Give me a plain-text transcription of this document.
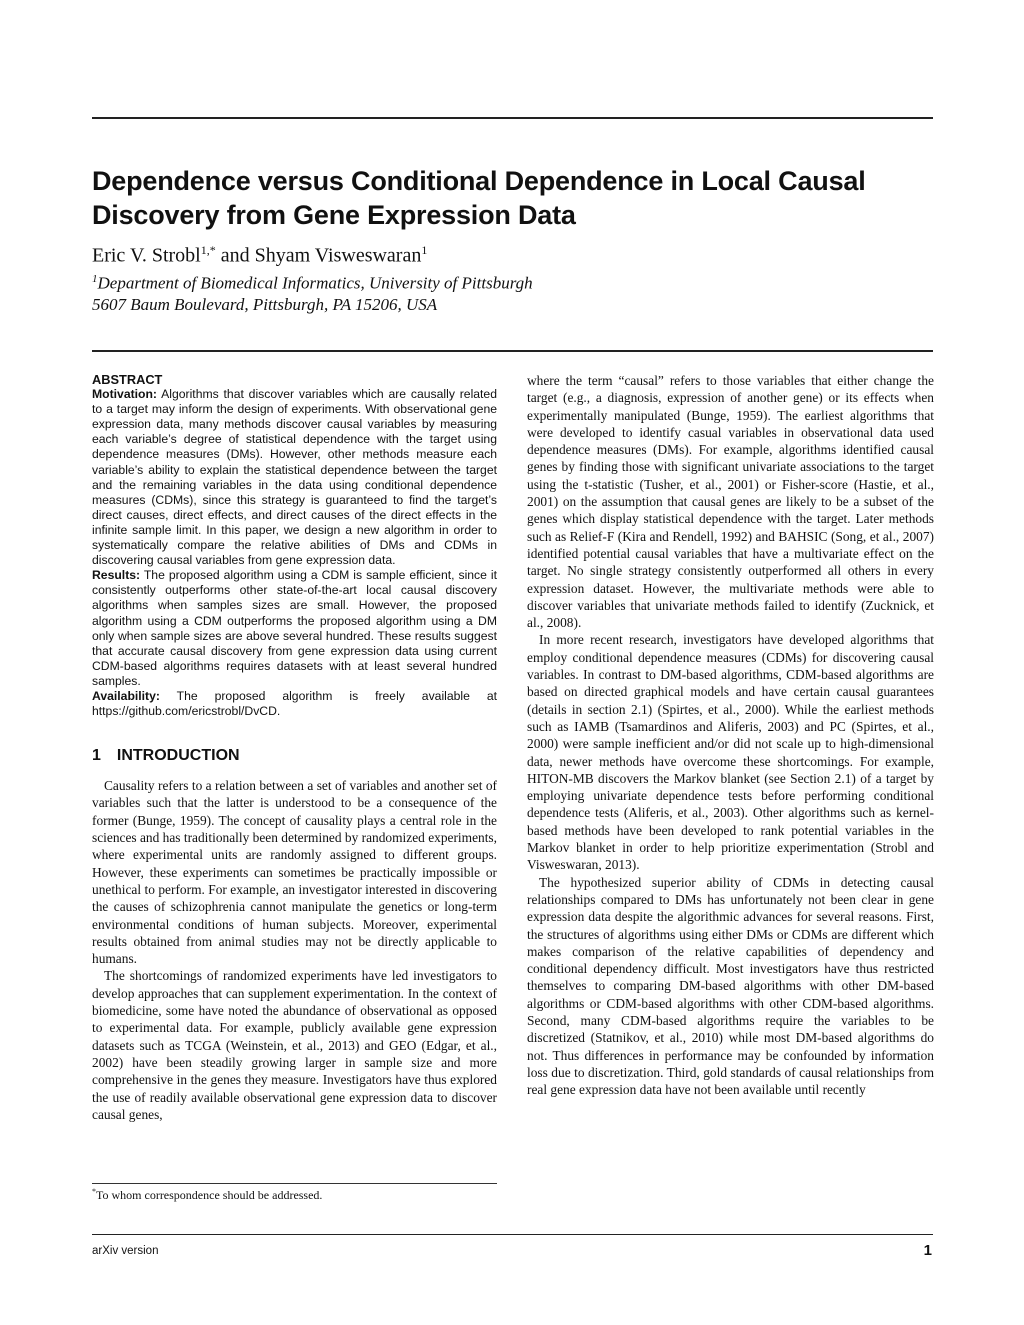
Dependence versus Conditional Dependence in Local Causal Discovery from Gene Expression Data
Eric V. Strobl$^{1,*}$ and Shyam Visweswaran$^1$
$^1$Department of Biomedical Informatics, University of Pittsburgh
5607 Baum Boulevard, Pittsburgh, PA 15206, USA
ABSTRACT

Motivation: Algorithms that discover variables which are causally related to a target may inform the design of experiments. With observational gene expression data, many methods discover causal variables by measuring each variable’s degree of statistical dependence with the target using dependence measures (DMs). However, other methods measure each variable’s ability to explain the statistical dependence between the target and the remaining variables in the data using conditional dependence measures (CDMs), since this strategy is guaranteed to find the target’s direct causes, direct effects, and direct causes of the direct effects in the infinite sample limit. In this paper, we design a new algorithm in order to systematically compare the relative abilities of DMs and CDMs in discovering causal variables from gene expression data.

Results: The proposed algorithm using a CDM is sample efficient, since it consistently outperforms other state-of-the-art local causal discovery algorithms when samples sizes are small. However, the proposed algorithm using a CDM outperforms the proposed algorithm using a DM only when sample sizes are above several hundred. These results suggest that accurate causal discovery from gene expression data using current CDM-based algorithms requires datasets with at least several hundred samples.

Availability: The proposed algorithm is freely available at https://github.com/ericstrobl/DvCD.

1 INTRODUCTION

Causality refers to a relation between a set of variables and another set of variables such that the latter is understood to be a consequence of the former (Bunge, 1959). The concept of causality plays a central role in the sciences and has traditionally been determined by randomized experiments, where experimental units are randomly assigned to different groups. However, these experiments can sometimes be practically impossible or unethical to perform. For example, an investigator interested in discovering the causes of schizophrenia cannot manipulate the genetics or long-term environmental conditions of human subjects. Moreover, experimental results obtained from animal studies may not be directly applicable to humans.

The shortcomings of randomized experiments have led investigators to develop approaches that can supplement experimentation. In the context of biomedicine, some have noted the abundance of observational as opposed to experimental data. For example, publicly available gene expression datasets such as TCGA (Weinstein, et al., 2013) and GEO (Edgar, et al., 2002) have been steadily growing larger in sample size and more comprehensive in the genes they measure. Investigators have thus explored the use of readily available observational gene expression data to discover causal genes,

where the term “causal” refers to those variables that either change the target (e.g., a diagnosis, expression of another gene) or its effects when experimentally manipulated (Bunge, 1959). The earliest algorithms that were developed to identify casual variables in observational data used dependence measures (DMs). For example, algorithms identified causal genes by finding those with significant univariate associations to the target using the t-statistic (Tusher, et al., 2001) or Fisher-score (Hastie, et al., 2001) on the assumption that causal genes are likely to be a subset of the genes which display statistical dependence with the target. Later methods such as Relief-F (Kira and Rendell, 1992) and BAHSIC (Song, et al., 2007) identified potential causal variables that have a multivariate effect on the target. No single strategy consistently outperformed all others in every expression dataset. However, the multivariate methods were able to discover variables that univariate methods failed to identify (Zucknick, et al., 2008).

In more recent research, investigators have developed algorithms that employ conditional dependence measures (CDMs) for discovering causal variables. In contrast to DM-based algorithms, CDM-based algorithms are based on directed graphical models and have certain causal guarantees (details in section 2.1) (Spirtes, et al., 2000). While the earliest methods such as IAMB (Tsamardinos and Aliferis, 2003) and PC (Spirtes, et al., 2000) were sample inefficient and/or did not scale up to high-dimensional data, newer methods have overcome these shortcomings. For example, HITON-MB discovers the Markov blanket (see Section 2.1) of a target by employing univariate dependence tests before performing conditional dependence tests (Aliferis, et al., 2003). Other algorithms such as kernel-based methods have been developed to rank potential variables in the Markov blanket in order to help prioritize experimentation (Strobl and Visweswaran, 2013).

The hypothesized superior ability of CDMs in detecting causal relationships compared to DMs has unfortunately not been clear in gene expression data despite the algorithmic advances for several reasons. First, the structures of algorithms using either DMs or CDMs are different which makes comparison of the relative capabilities of dependency and conditional dependency difficult. Most investigators have thus restricted themselves to comparing DM-based algorithms with other DM-based algorithms or CDM-based algorithms with other CDM-based algorithms. Second, many CDM-based algorithms require the variables to be discretized (Statnikov, et al., 2010) while most DM-based algorithms do not. Thus differences in performance may be confounded by information loss due to discretization. Third, gold standards of causal relationships from real gene expression data have not been available until recently

*To whom correspondence should be addressed.
arXiv version	1
